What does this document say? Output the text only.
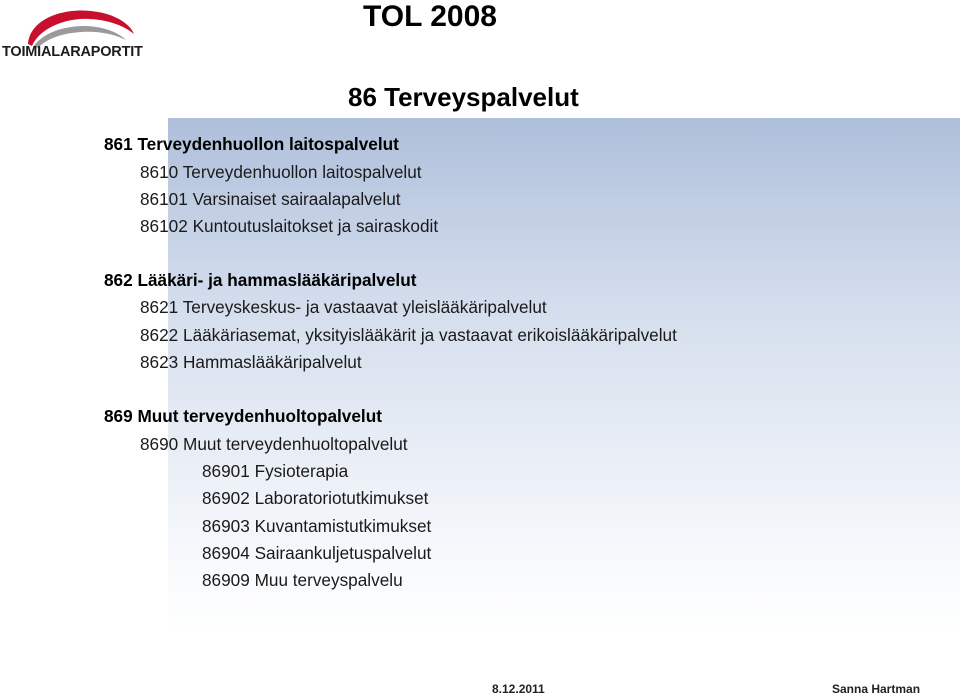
TOIMIALARAPORTIT
TOL 2008
86 Terveyspalvelut
861 Terveydenhuollon laitospalvelut
8610 Terveydenhuollon laitospalvelut
86101 Varsinaiset sairaalapalvelut
86102 Kuntoutuslaitokset ja sairaskodit
862 Lääkäri- ja hammaslääkäripalvelut
8621 Terveyskeskus- ja vastaavat yleislääkäripalvelut
8622 Lääkäriasemat, yksityislääkärit ja vastaavat erikoislääkäripalvelut
8623 Hammaslääkäripalvelut
869 Muut terveydenhuoltopalvelut
8690 Muut terveydenhuoltopalvelut
86901 Fysioterapia
86902 Laboratoriotutkimukset
86903 Kuvantamistutkimukset
86904 Sairaankuljetuspalvelut
86909 Muu terveyspalvelu
8.12.2011	Sanna Hartman
